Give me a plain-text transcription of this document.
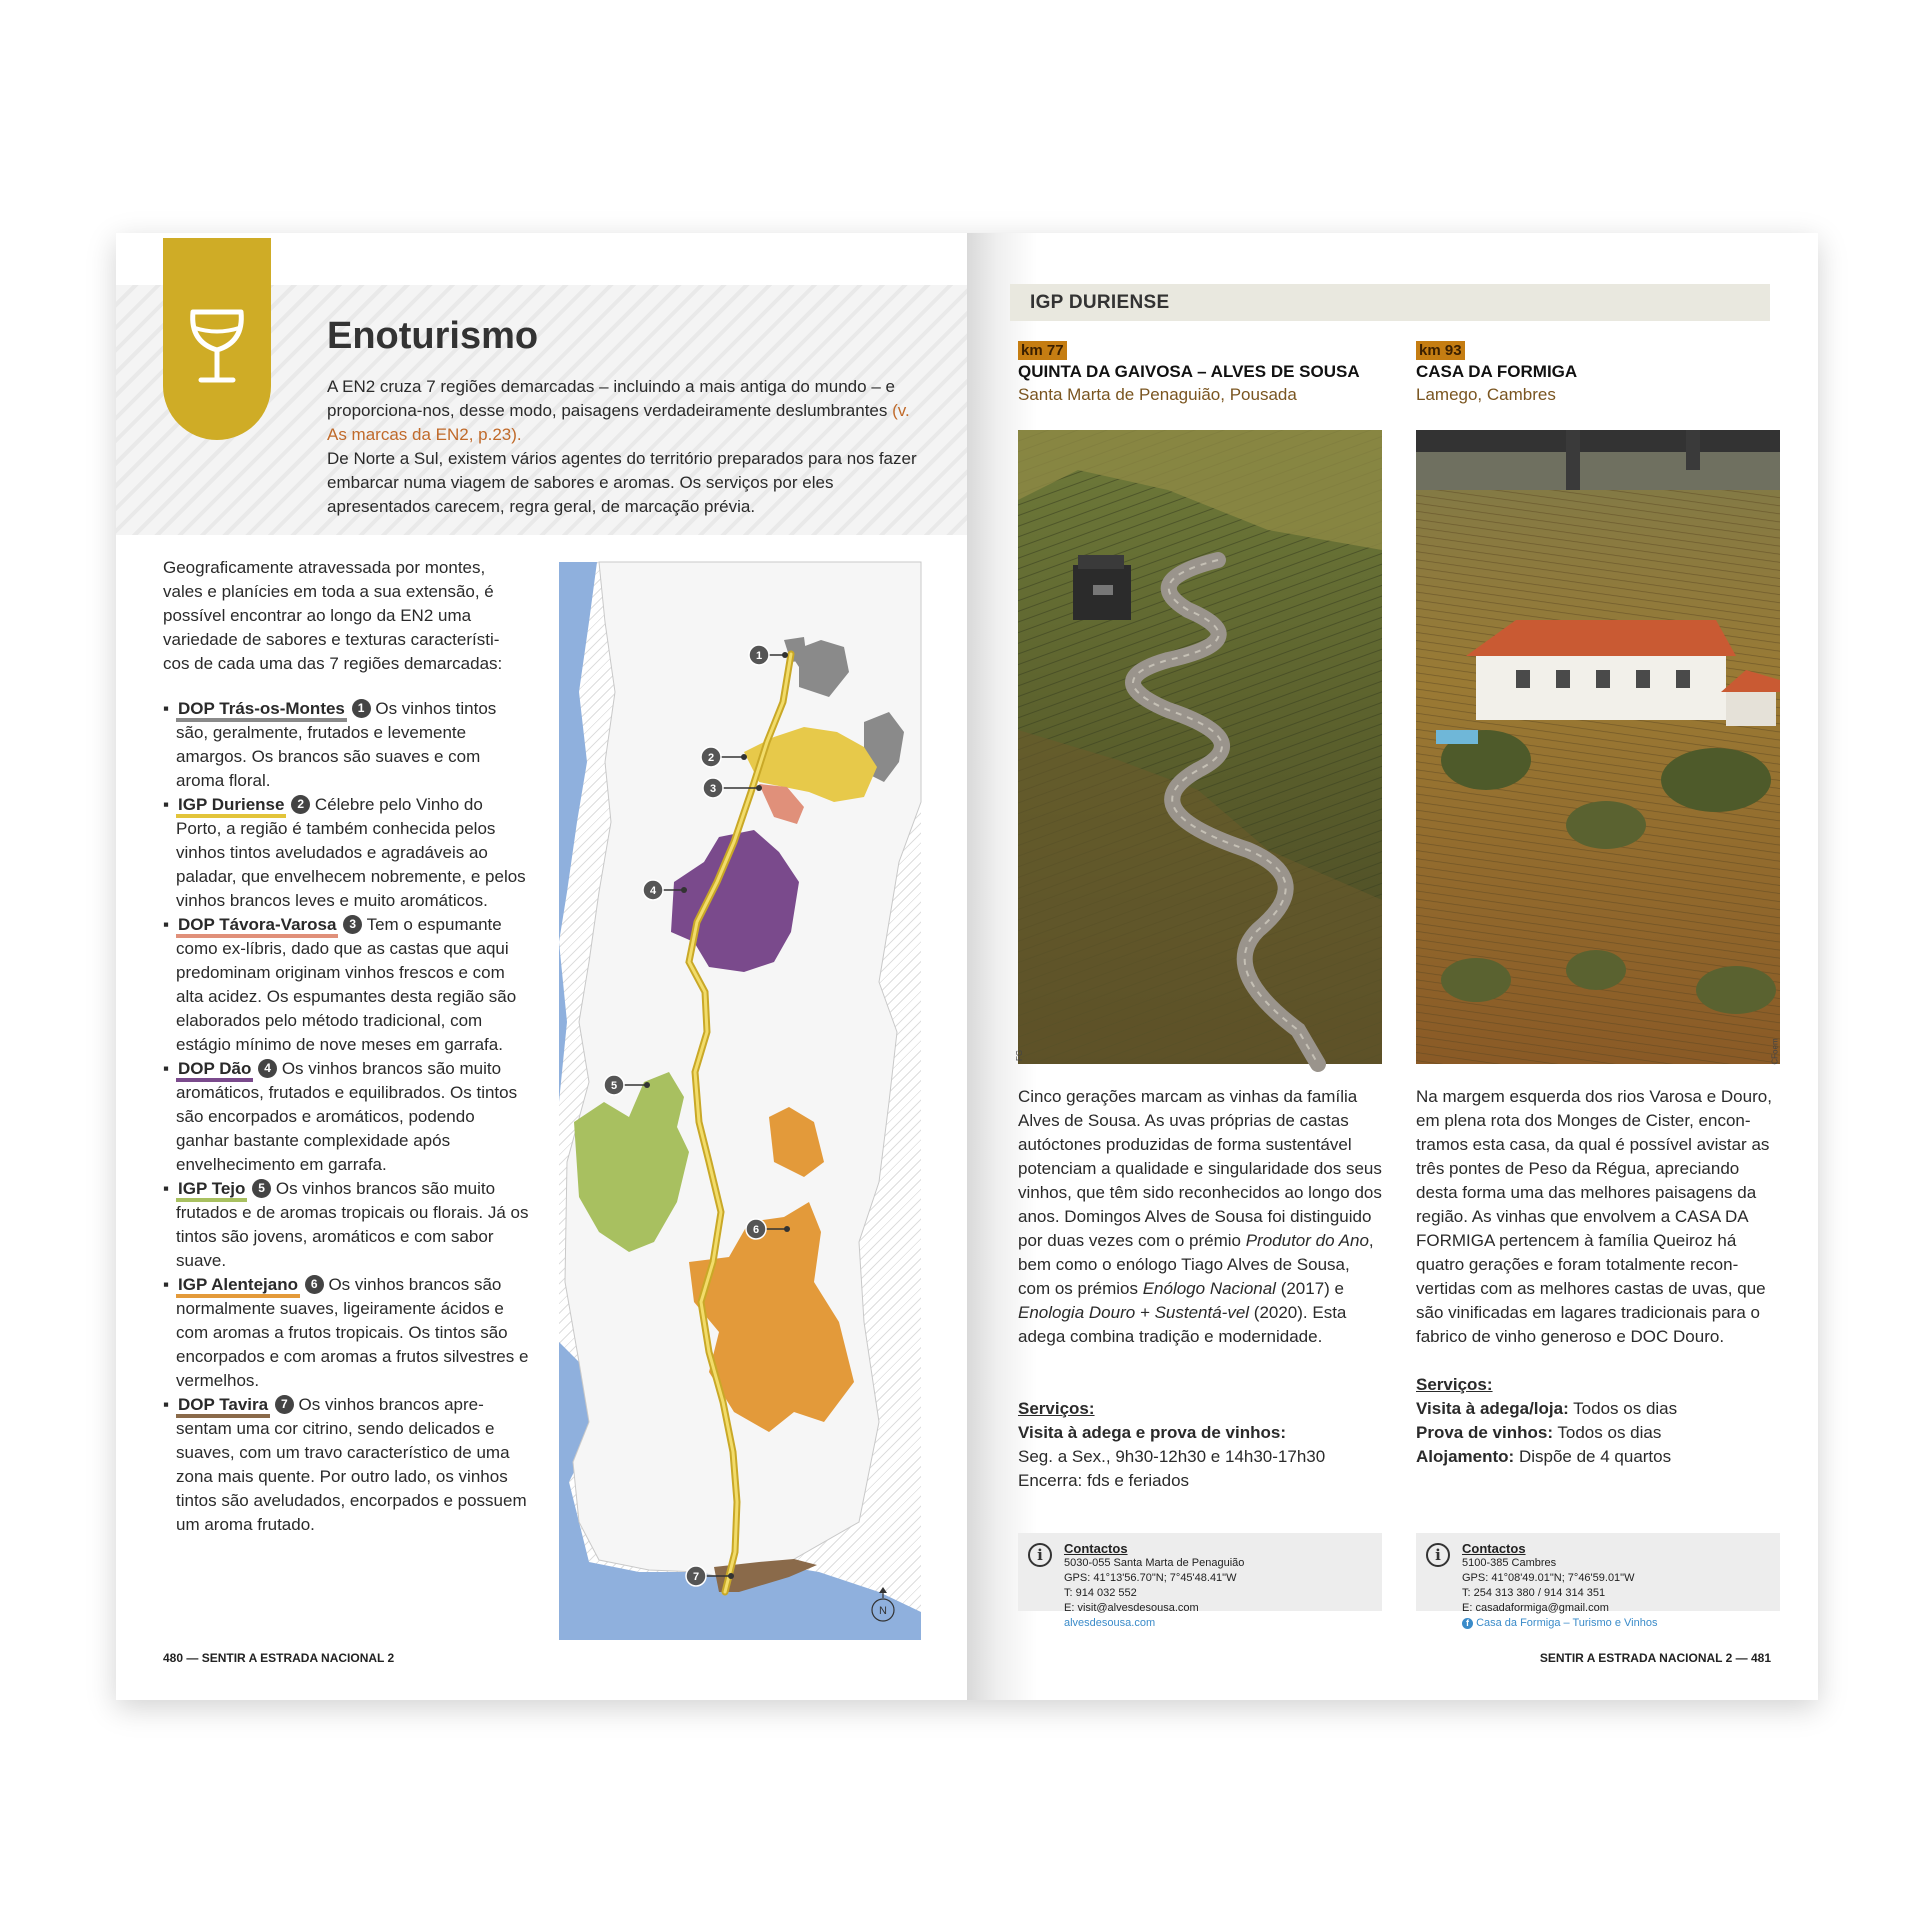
Enoturismo
A EN2 cruza 7 regiões demarcadas – incluindo a mais antiga do mundo – e proporciona-nos, desse modo, paisagens verdadeiramente deslumbrantes (v. As marcas da EN2, p.23).
De Norte a Sul, existem vários agentes do território preparados para nos fazer embarcar numa viagem de sabores e aromas. Os serviços por eles apresentados carecem, regra geral, de marcação prévia.
Geograficamente atravessada por montes, vales e planícies em toda a sua extensão, é possível encontrar ao longo da EN2 uma variedade de sabores e texturas característi-cos de cada uma das 7 regiões demarcadas:
▪ DOP Trás-os-Montes 1 Os vinhos tintos são, geralmente, frutados e levemente amargos. Os brancos são suaves e com aroma floral.
▪ IGP Duriense 2 Célebre pelo Vinho do Porto, a região é também conhecida pelos vinhos tintos aveludados e agradáveis ao paladar, que envelhecem nobremente, e pelos vinhos brancos leves e muito aromáticos.
▪ DOP Távora-Varosa 3 Tem o espumante como ex-líbris, dado que as castas que aqui predominam originam vinhos frescos e com alta acidez. Os espumantes desta região são elaborados pelo método tradicional, com estágio mínimo de nove meses em garrafa.
▪ DOP Dão 4 Os vinhos brancos são muito aromáticos, frutados e equilibrados. Os tintos são encorpados e aromáticos, podendo ganhar bastante complexidade após envelhecimento em garrafa.
▪ IGP Tejo 5 Os vinhos brancos são muito frutados e de aromas tropicais ou florais. Já os tintos são jovens, aromáticos e com sabor suave.
▪ IGP Alentejano 6 Os vinhos brancos são normalmente suaves, ligeiramente ácidos e com aromas a frutos tropicais. Os tintos são encorpados e com aromas a frutos silvestres e vermelhos.
▪ DOP Tavira 7 Os vinhos brancos apre-sentam uma cor citrino, sendo delicados e suaves, com um travo característico de uma zona mais quente. Por outro lado, os vinhos tintos são aveludados, encorpados e possuem um aroma frutado.
1
2
3
4
5
6
7
N
480 — SENTIR A ESTRADA NACIONAL 2
IGP DURIENSE
km 77
QUINTA DA GAIVOSA – ALVES DE SOUSA
Santa Marta de Penaguião, Pousada
km 93
CASA DA FORMIGA
Lamego, Cambres
FG	CFoem
Cinco gerações marcam as vinhas da família Alves de Sousa. As uvas próprias de castas autóctones produzidas de forma sustentável potenciam a qualidade e singularidade dos seus vinhos, que têm sido reconhecidos ao longo dos anos. Domingos Alves de Sousa foi distinguido por duas vezes com o prémio Produtor do Ano, bem como o enólogo Tiago Alves de Sousa, com os prémios Enólogo Nacional (2017) e Enologia Douro + Sustentá-vel (2020). Esta adega combina tradição e modernidade.
Na margem esquerda dos rios Varosa e Douro, em plena rota dos Monges de Cister, encon-tramos esta casa, da qual é possível avistar as três pontes de Peso da Régua, apreciando desta forma uma das melhores paisagens da região. As vinhas que envolvem a CASA DA FORMIGA pertencem à família Queiroz há quatro gerações e foram totalmente recon-vertidas com as melhores castas de uvas, que são vinificadas em lagares tradicionais para o fabrico de vinho generoso e DOC Douro.
Serviços:
Visita à adega e prova de vinhos:
Seg. a Sex., 9h30-12h30 e 14h30-17h30
Encerra: fds e feriados
Serviços:
Visita à adega/loja: Todos os dias
Prova de vinhos: Todos os dias
Alojamento: Dispõe de 4 quartos
i	Contactos
5030-055 Santa Marta de Penaguião
GPS: 41°13'56.70"N; 7°45'48.41"W
T: 914 032 552
E: visit@alvesdesousa.com
alvesdesousa.com
i	Contactos
5100-385 Cambres
GPS: 41°08'49.01"N; 7°46'59.01"W
T: 254 313 380 / 914 314 351
E: casadaformiga@gmail.com
f Casa da Formiga – Turismo e Vinhos
SENTIR A ESTRADA NACIONAL 2 — 481
